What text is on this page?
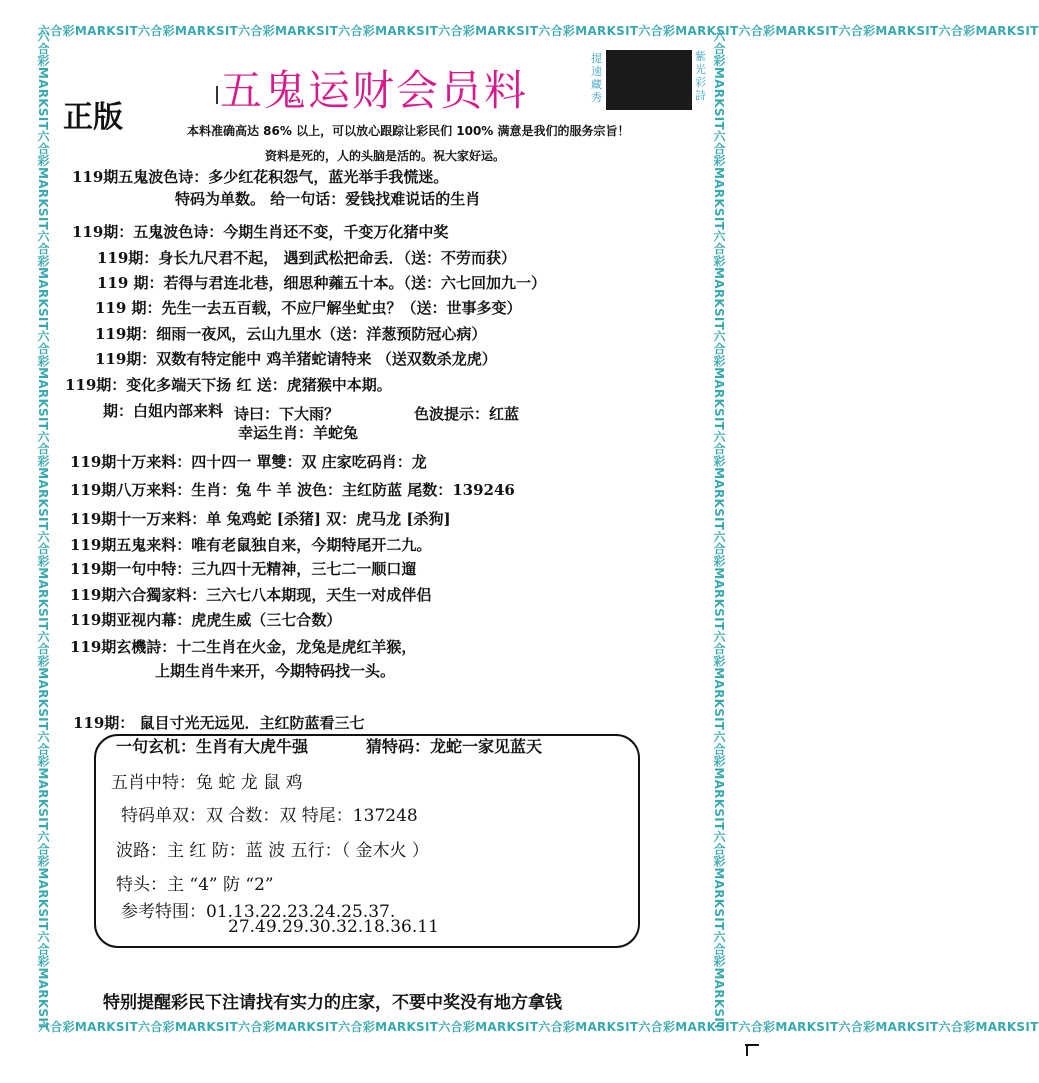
六合彩MARKSIT六合彩MARKSIT六合彩MARKSIT六合彩MARKSIT六合彩MARKSIT六合彩MARKSIT六合彩MARKSIT六合彩MARKSIT六合彩MARKSIT六合彩MARKSIT
六合彩MARKSIT六合彩MARKSIT六合彩MARKSIT六合彩MARKSIT六合彩MARKSIT六合彩MARKSIT六合彩MARKSIT六合彩MARKSIT六合彩MARKSIT六合彩MARKSIT
六合彩MARKSIT六合彩MARKSIT六合彩MARKSIT六合彩MARKSIT六合彩MARKSIT六合彩MARKSIT六合彩MARKSIT六合彩MARKSIT六合彩MARKSIT六合彩MARKSIT	六合彩MARKSIT六合彩MARKSIT六合彩MARKSIT六合彩MARKSIT六合彩MARKSIT六合彩MARKSIT六合彩MARKSIT六合彩MARKSIT六合彩MARKSIT六合彩MARKSIT
五鬼运财会员料
正版
提速藏秀
紫光彩詩
本料准确高达 86% 以上，可以放心跟踪让彩民们 100% 满意是我们的服务宗旨！
资料是死的，人的头脑是活的。祝大家好运。
119期五鬼波色诗：多少红花积怨气，蓝光举手我慌迷。
特码为单数。 给一句话：爱钱找难说话的生肖
119期：五鬼波色诗：今期生肖还不变，千变万化猪中奖
119期：身长九尺君不起， 遇到武松把命丢．（送：不劳而获）
119 期：若得与君连北巷，细思种蕹五十本。（送：六七回加九一）
119 期：先生一去五百载，不应尸解坐虻虫？（送：世事多变）
119期：细雨一夜风，云山九里水（送：洋葱预防冠心病）
119期：双数有特定能中 鸡羊猪蛇请特来 （送双数杀龙虎）
119期：变化多端天下扬 红 送：虎猪猴中本期。
期：白姐内部来料 诗曰：下大雨？	色波提示：红蓝
幸运生肖：羊蛇兔
119期十万来料：四十四一 單雙：双 庄家吃码肖：龙
119期八万来料：生肖：兔 牛 羊 波色：主红防蓝 尾数：139246
119期十一万来料：单 兔鸡蛇 [杀猪] 双：虎马龙 [杀狗]
119期五鬼来料：唯有老鼠独自来，今期特尾开二九。
119期一句中特：三九四十无精神，三七二一顺口遛
119期六合獨家料：三六七八本期现，天生一对成伴侣
119期亚视内幕：虎虎生威（三七合数）
119期玄機詩：十二生肖在火金，龙兔是虎红羊猴，
上期生肖牛来开，今期特码找一头。
119期： 鼠目寸光无远见．主红防蓝看三七
一句玄机：生肖有大虎牛强	猜特码：龙蛇一家见蓝天
五肖中特：兔 蛇 龙 鼠 鸡
特码单双：双 合数：双 特尾：137248
波路：主 红 防：蓝 波 五行：（ 金木火 ）
特头：主 “4” 防 “2”
参考特围：01.13.22.23.24.25.37.
27.49.29.30.32.18.36.11
特别提醒彩民下注请找有实力的庄家，不要中奖没有地方拿钱
